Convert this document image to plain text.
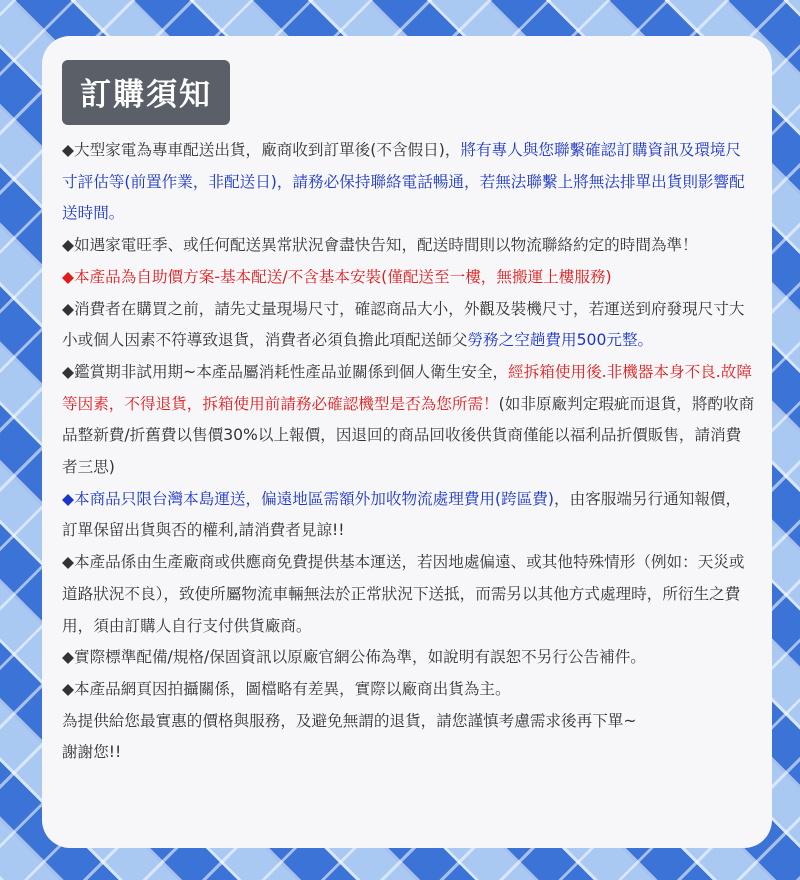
訂購須知

◆大型家電為專車配送出貨，廠商收到訂單後(不含假日)，將有專人與您聯繫確認訂購資訊及環境尺寸評估等(前置作業，非配送日)，請務必保持聯絡電話暢通，若無法聯繫上將無法排單出貨則影響配送時間。

◆如遇家電旺季、或任何配送異常狀況會盡快告知，配送時間則以物流聯絡約定的時間為準！

◆本產品為自助價方案-基本配送/不含基本安裝(僅配送至一樓，無搬運上樓服務)

◆消費者在購買之前，請先丈量現場尺寸，確認商品大小，外觀及裝機尺寸，若運送到府發現尺寸大小或個人因素不符導致退貨，消費者必須負擔此項配送師父勞務之空趟費用500元整。

◆鑑賞期非試用期~本產品屬消耗性產品並關係到個人衛生安全，經拆箱使用後.非機器本身不良.故障等因素，不得退貨，拆箱使用前請務必確認機型是否為您所需！(如非原廠判定瑕疵而退貨，將酌收商品整新費/折舊費以售價30%以上報價，因退回的商品回收後供貨商僅能以福利品折價販售，請消費者三思)

◆本商品只限台灣本島運送，偏遠地區需額外加收物流處理費用(跨區費)，由客服端另行通知報價，訂單保留出貨與否的權利,請消費者見諒!!

◆本產品係由生產廠商或供應商免費提供基本運送，若因地處偏遠、或其他特殊情形（例如：天災或道路狀況不良），致使所屬物流車輛無法於正常狀況下送抵，而需另以其他方式處理時，所衍生之費用，須由訂購人自行支付供貨廠商。

◆實際標準配備/規格/保固資訊以原廠官網公佈為準，如說明有誤恕不另行公告補件。

◆本產品網頁因拍攝關係，圖檔略有差異，實際以廠商出貨為主。

為提供給您最實惠的價格與服務，及避免無謂的退貨，請您謹慎考慮需求後再下單~

謝謝您!!
